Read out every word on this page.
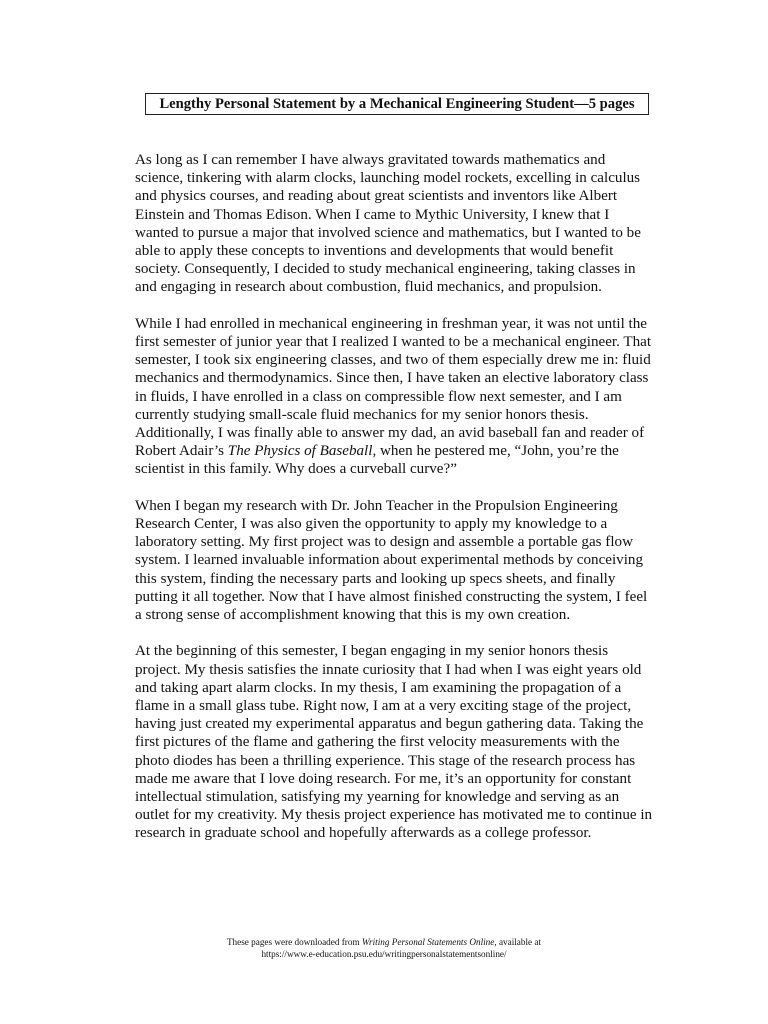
Lengthy Personal Statement by a Mechanical Engineering Student—5 pages

As long as I can remember I have always gravitated towards mathematics and science, tinkering with alarm clocks, launching model rockets, excelling in calculus and physics courses, and reading about great scientists and inventors like Albert Einstein and Thomas Edison. When I came to Mythic University, I knew that I wanted to pursue a major that involved science and mathematics, but I wanted to be able to apply these concepts to inventions and developments that would benefit society. Consequently, I decided to study mechanical engineering, taking classes in and engaging in research about combustion, fluid mechanics, and propulsion.

While I had enrolled in mechanical engineering in freshman year, it was not until the first semester of junior year that I realized I wanted to be a mechanical engineer. That semester, I took six engineering classes, and two of them especially drew me in: fluid mechanics and thermodynamics. Since then, I have taken an elective laboratory class in fluids, I have enrolled in a class on compressible flow next semester, and I am currently studying small-scale fluid mechanics for my senior honors thesis. Additionally, I was finally able to answer my dad, an avid baseball fan and reader of Robert Adair’s The Physics of Baseball, when he pestered me, “John, you’re the scientist in this family. Why does a curveball curve?”

When I began my research with Dr. John Teacher in the Propulsion Engineering Research Center, I was also given the opportunity to apply my knowledge to a laboratory setting. My first project was to design and assemble a portable gas flow system. I learned invaluable information about experimental methods by conceiving this system, finding the necessary parts and looking up specs sheets, and finally putting it all together. Now that I have almost finished constructing the system, I feel a strong sense of accomplishment knowing that this is my own creation.

At the beginning of this semester, I began engaging in my senior honors thesis project. My thesis satisfies the innate curiosity that I had when I was eight years old and taking apart alarm clocks. In my thesis, I am examining the propagation of a flame in a small glass tube. Right now, I am at a very exciting stage of the project, having just created my experimental apparatus and begun gathering data. Taking the first pictures of the flame and gathering the first velocity measurements with the photo diodes has been a thrilling experience. This stage of the research process has made me aware that I love doing research. For me, it’s an opportunity for constant intellectual stimulation, satisfying my yearning for knowledge and serving as an outlet for my creativity. My thesis project experience has motivated me to continue in research in graduate school and hopefully afterwards as a college professor.

These pages were downloaded from Writing Personal Statements Online, available at
https://www.e-education.psu.edu/writingpersonalstatementsonline/
